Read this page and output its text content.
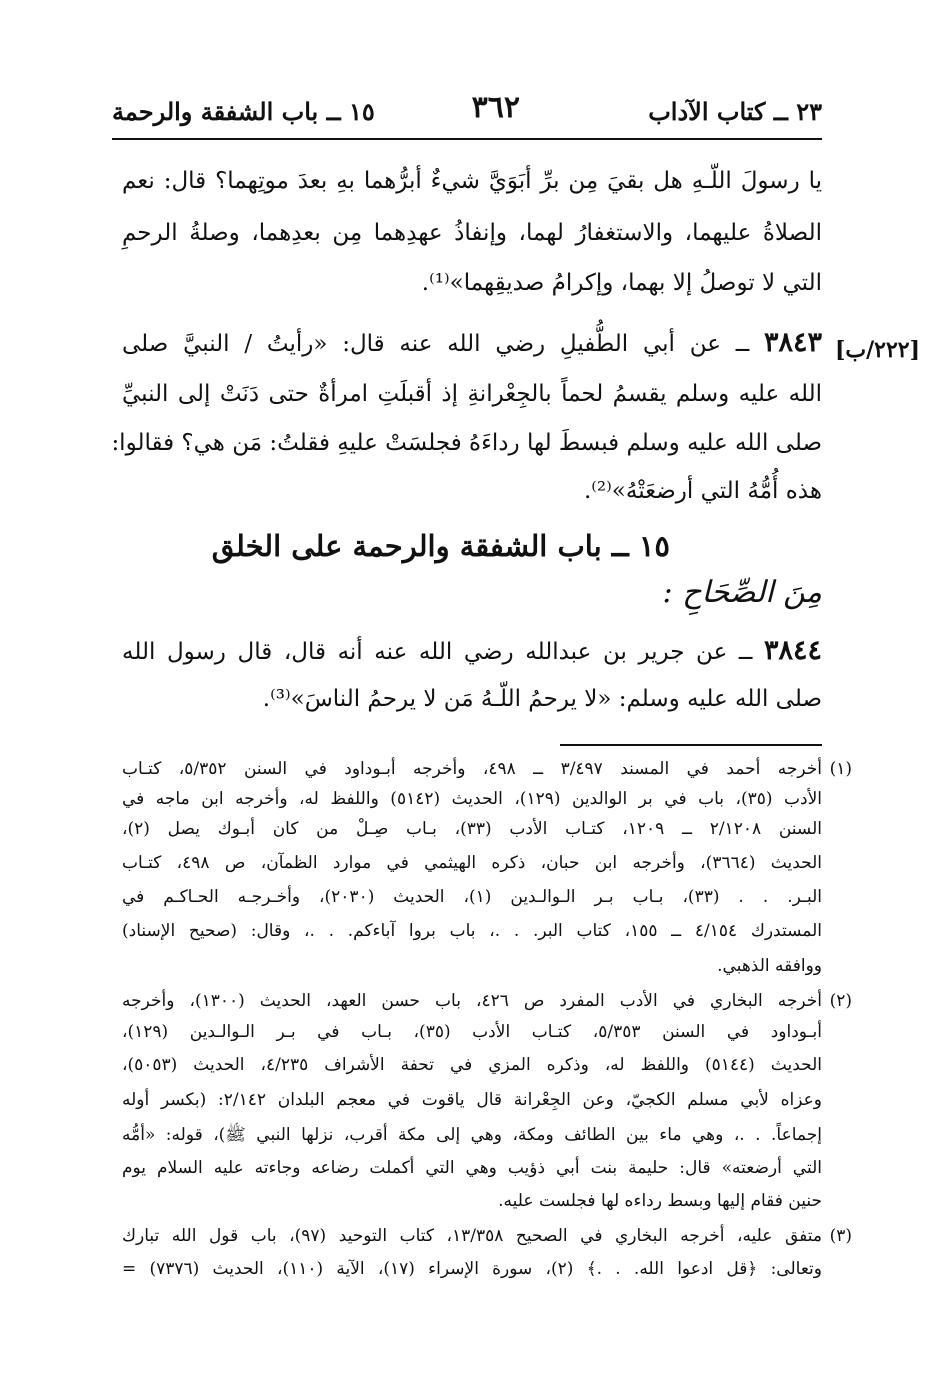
٢٣ ــ كتاب الآداب
٣٦٢
١٥ ــ باب الشفقة والرحمة
يا رسولَ اللّـهِ هل بقيَ مِن برِّ أبَوَيَّ شيءٌ أبرُّهما بهِ بعدَ موتِهما؟ قال: نعم
الصلاةُ عليهما، والاستغفارُ لهما، وإنفاذُ عهدِهما مِن بعدِهما، وصلةُ الرحمِ
التي لا توصلُ إلا بهما، وإكرامُ صديقِهما»⁽¹⁾.
[٢٢٢/ب]
٣٨٤٣ ــ عن أبي الطُّفيلِ رضي الله عنه قال: «رأيتُ / النبيَّ صلى
الله عليه وسلم يقسمُ لحماً بالجِعْرانةِ إذ أقبلَتِ امرأةٌ حتى دَنَتْ إلى النبيِّ
صلى الله عليه وسلم فبسطَ لها رداءَهُ فجلسَتْ عليهِ فقلتُ: مَن هي؟ فقالوا:
هذه أُمُّهُ التي أرضعَتْهُ»⁽²⁾.
١٥ ــ باب الشفقة والرحمة على الخلق
مِنَ الصِّحَاحِ :
٣٨٤٤ ــ عن جرير بن عبدالله رضي الله عنه أنه قال، قال رسول الله
صلى الله عليه وسلم: «لا يرحمُ اللّـهُ مَن لا يرحمُ الناسَ»⁽³⁾.
(١)
أخرجه أحمد في المسند ٣/٤٩٧ ــ ٤٩٨، وأخرجه أبـوداود في السنن ٥/٣٥٢، كتـاب
الأدب (٣٥)، باب في بر الوالدين (١٢٩)، الحديث (٥١٤٢) واللفظ له، وأخرجه ابن ماجه في
السنن ٢/١٢٠٨ ــ ١٢٠٩، كتـاب الأدب (٣٣)، بـاب صِـلْ من كان أبـوك يصل (٢)،
الحديث (٣٦٦٤)، وأخرجه ابن حبان، ذكره الهيثمي في موارد الظمآن، ص ٤٩٨، كتـاب
البـر. . . (٣٣)، بـاب بـر الـوالـدين (١)، الحديث (٢٠٣٠)، وأخـرجـه الحـاكـم في
المستدرك ٤/١٥٤ ــ ١٥٥، كتاب البر. . .، باب بروا آباءكم. . .، وقال: (صحيح الإسناد)
ووافقه الذهبي.
(٢)
أخرجه البخاري في الأدب المفرد ص ٤٢٦، باب حسن العهد، الحديث (١٣٠٠)، وأخرجه
أبـوداود في السنن ٥/٣٥٣، كتـاب الأدب (٣٥)، بـاب في بـر الـوالـدين (١٢٩)،
الحديث (٥١٤٤) واللفظ له، وذكره المزي في تحفة الأشراف ٤/٢٣٥، الحديث (٥٠٥٣)،
وعزاه لأبي مسلم الكجيّ، وعن الجِعْرانة قال ياقوت في معجم البلدان ٢/١٤٢: (بكسر أوله
إجماعاً. . .، وهي ماء بين الطائف ومكة، وهي إلى مكة أقرب، نزلها النبي ﷺ)، قوله: «أمُّه
التي أرضعته» قال: حليمة بنت أبي ذؤيب وهي التي أكملت رضاعه وجاءته عليه السلام يوم
حنين فقام إليها وبسط رداءه لها فجلست عليه.
(٣)
متفق عليه، أخرجه البخاري في الصحيح ١٣/٣٥٨، كتاب التوحيد (٩٧)، باب قول الله تبارك
وتعالى: ﴿قل ادعوا الله. . .﴾ (٢)، سورة الإسراء (١٧)، الآية (١١٠)، الحديث (٧٣٧٦) =
